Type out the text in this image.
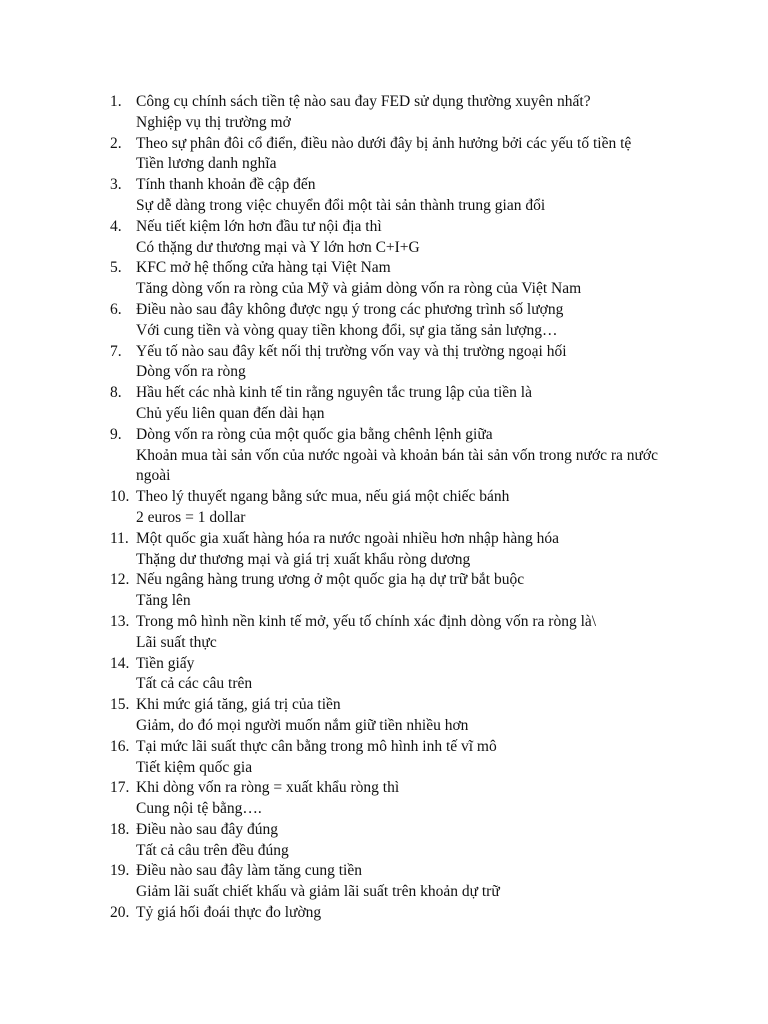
1. Công cụ chính sách tiền tệ nào sau đay FED sử dụng thường xuyên nhất?
Nghiệp vụ thị trường mở
2. Theo sự phân đôi cổ điển, điều nào dưới đây bị ảnh hưởng bởi các yếu tố tiền tệ
Tiền lương danh nghĩa
3. Tính thanh khoản đề cập đến
Sự dễ dàng trong việc chuyển đổi một tài sản thành trung gian đổi
4. Nếu tiết kiệm lớn hơn đầu tư nội địa thì
Có thặng dư thương mại và Y lớn hơn C+I+G
5. KFC mở hệ thống cửa hàng tại Việt Nam
Tăng dòng vốn ra ròng của Mỹ và giảm dòng vốn ra ròng của Việt Nam
6. Điều nào sau đây không được ngụ ý trong các phương trình số lượng
Với cung tiền và vòng quay tiền khong đổi, sự gia tăng sản lượng…
7. Yếu tố nào sau đây kết nối thị trường vốn vay và thị trường ngoại hối
Dòng vốn ra ròng
8. Hầu hết các nhà kinh tế tin rằng nguyên tắc trung lập của tiền là
Chủ yếu liên quan đến dài hạn
9. Dòng vốn ra ròng của một quốc gia bằng chênh lệnh giữa
Khoản mua tài sản vốn của nước ngoài và khoản bán tài sản vốn trong nước ra nước ngoài
10. Theo lý thuyết ngang bằng sức mua, nếu giá một chiếc bánh
2 euros = 1 dollar
11. Một quốc gia xuất hàng hóa ra nước ngoài nhiều hơn nhập hàng hóa
Thặng dư thương mại và giá trị xuất khẩu ròng dương
12. Nếu ngâng hàng trung ương ở một quốc gia hạ dự trữ bắt buộc
Tăng lên
13. Trong mô hình nền kinh tế mở, yếu tố chính xác định dòng vốn ra ròng là\
Lãi suất thực
14. Tiền giấy
Tất cả các câu trên
15. Khi mức giá tăng, giá trị của tiền
Giảm, do đó mọi người muốn nắm giữ tiền nhiều hơn
16. Tại mức lãi suất thực cân bằng trong mô hình inh tế vĩ mô
Tiết kiệm quốc gia
17. Khi dòng vốn ra ròng = xuất khẩu ròng thì
Cung nội tệ bằng….
18. Điều nào sau đây đúng
Tất cả câu trên đều đúng
19. Điều nào sau đây làm tăng cung tiền
Giảm lãi suất chiết khấu và giảm lãi suất trên khoản dự trữ
20. Tỷ giá hối đoái thực đo lường
